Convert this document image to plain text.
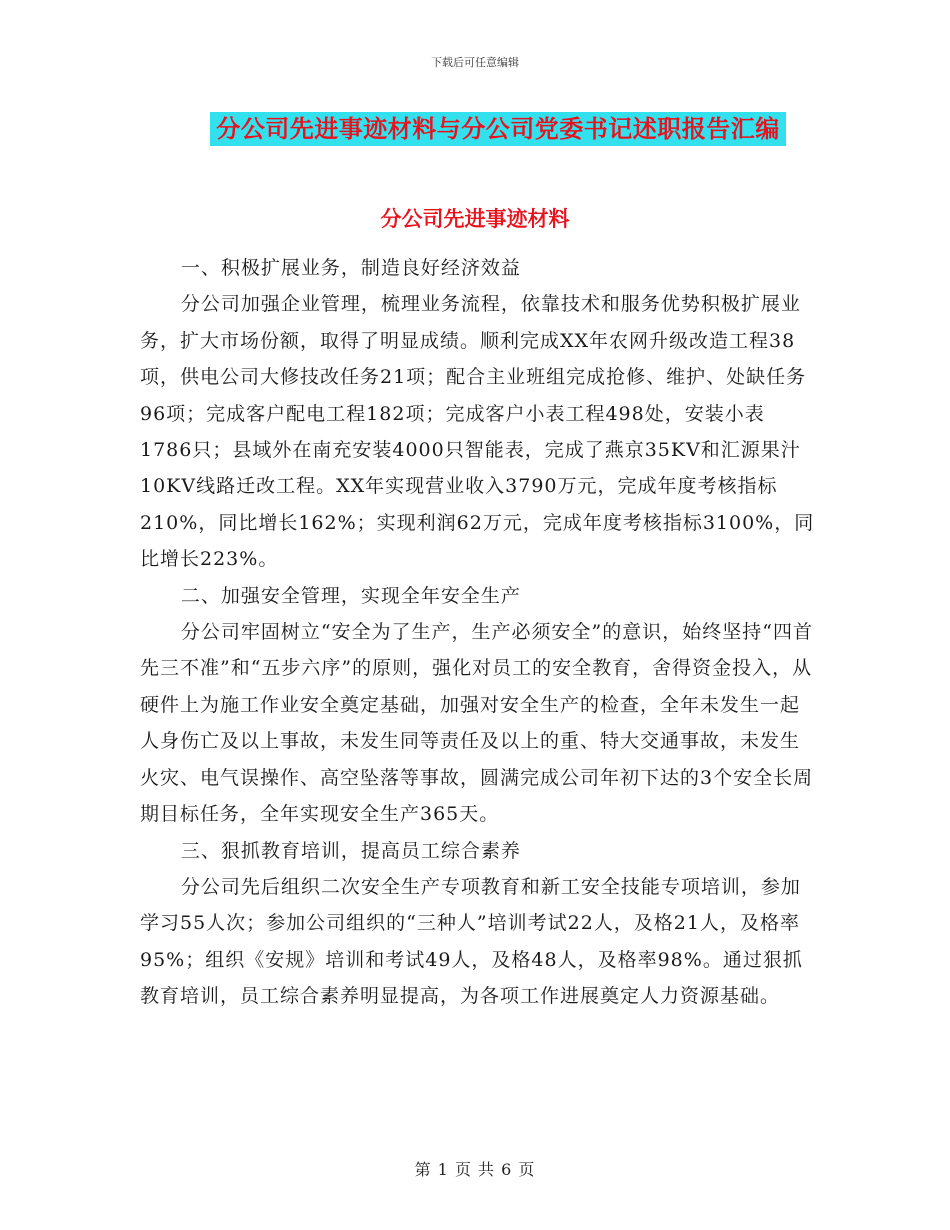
下载后可任意编辑
分公司先进事迹材料与分公司党委书记述职报告汇编
分公司先进事迹材料

一、积极扩展业务，制造良好经济效益

分公司加强企业管理，梳理业务流程，依靠技术和服务优势积极扩展业务，扩大市场份额，取得了明显成绩。顺利完成XX年农网升级改造工程38项，供电公司大修技改任务21项；配合主业班组完成抢修、维护、处缺任务96项；完成客户配电工程182项；完成客户小表工程498处，安装小表1786只；县域外在南充安装4000只智能表，完成了燕京35KV和汇源果汁10KV线路迁改工程。XX年实现营业收入3790万元，完成年度考核指标210%，同比增长162%；实现利润62万元，完成年度考核指标3100%，同比增长223%。

二、加强安全管理，实现全年安全生产

分公司牢固树立“安全为了生产，生产必须安全”的意识，始终坚持“四首先三不准”和“五步六序”的原则，强化对员工的安全教育，舍得资金投入，从硬件上为施工作业安全奠定基础，加强对安全生产的检查，全年未发生一起人身伤亡及以上事故，未发生同等责任及以上的重、特大交通事故，未发生火灾、电气误操作、高空坠落等事故，圆满完成公司年初下达的3个安全长周期目标任务，全年实现安全生产365天。

三、狠抓教育培训，提高员工综合素养

分公司先后组织二次安全生产专项教育和新工安全技能专项培训，参加学习55人次；参加公司组织的“三种人”培训考试22人，及格21人，及格率95%；组织《安规》培训和考试49人，及格48人，及格率98%。通过狠抓教育培训，员工综合素养明显提高，为各项工作进展奠定人力资源基础。

第 1 页 共 6 页
